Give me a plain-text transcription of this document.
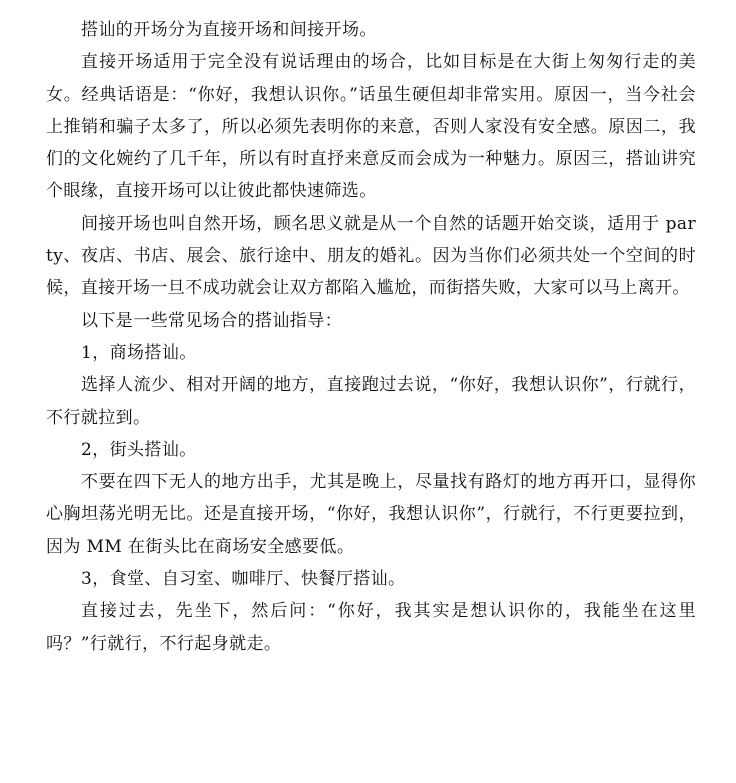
搭讪的开场分为直接开场和间接开场。

直接开场适用于完全没有说话理由的场合，比如目标是在大街上匆匆行走的美女。经典话语是：“你好，我想认识你。”话虽生硬但却非常实用。原因一，当今社会上推销和骗子太多了，所以必须先表明你的来意，否则人家没有安全感。原因二，我们的文化婉约了几千年，所以有时直抒来意反而会成为一种魅力。原因三，搭讪讲究个眼缘，直接开场可以让彼此都快速筛选。

间接开场也叫自然开场，顾名思义就是从一个自然的话题开始交谈，适用于 party、夜店、书店、展会、旅行途中、朋友的婚礼。因为当你们必须共处一个空间的时候，直接开场一旦不成功就会让双方都陷入尴尬，而街搭失败，大家可以马上离开。

以下是一些常见场合的搭讪指导：

1，商场搭讪。

选择人流少、相对开阔的地方，直接跑过去说，“你好，我想认识你”，行就行，不行就拉到。

2，街头搭讪。

不要在四下无人的地方出手，尤其是晚上，尽量找有路灯的地方再开口，显得你心胸坦荡光明无比。还是直接开场，“你好，我想认识你”，行就行，不行更要拉到，因为 MM 在街头比在商场安全感要低。

3，食堂、自习室、咖啡厅、快餐厅搭讪。

直接过去，先坐下，然后问：“你好，我其实是想认识你的，我能坐在这里吗？”行就行，不行起身就走。
